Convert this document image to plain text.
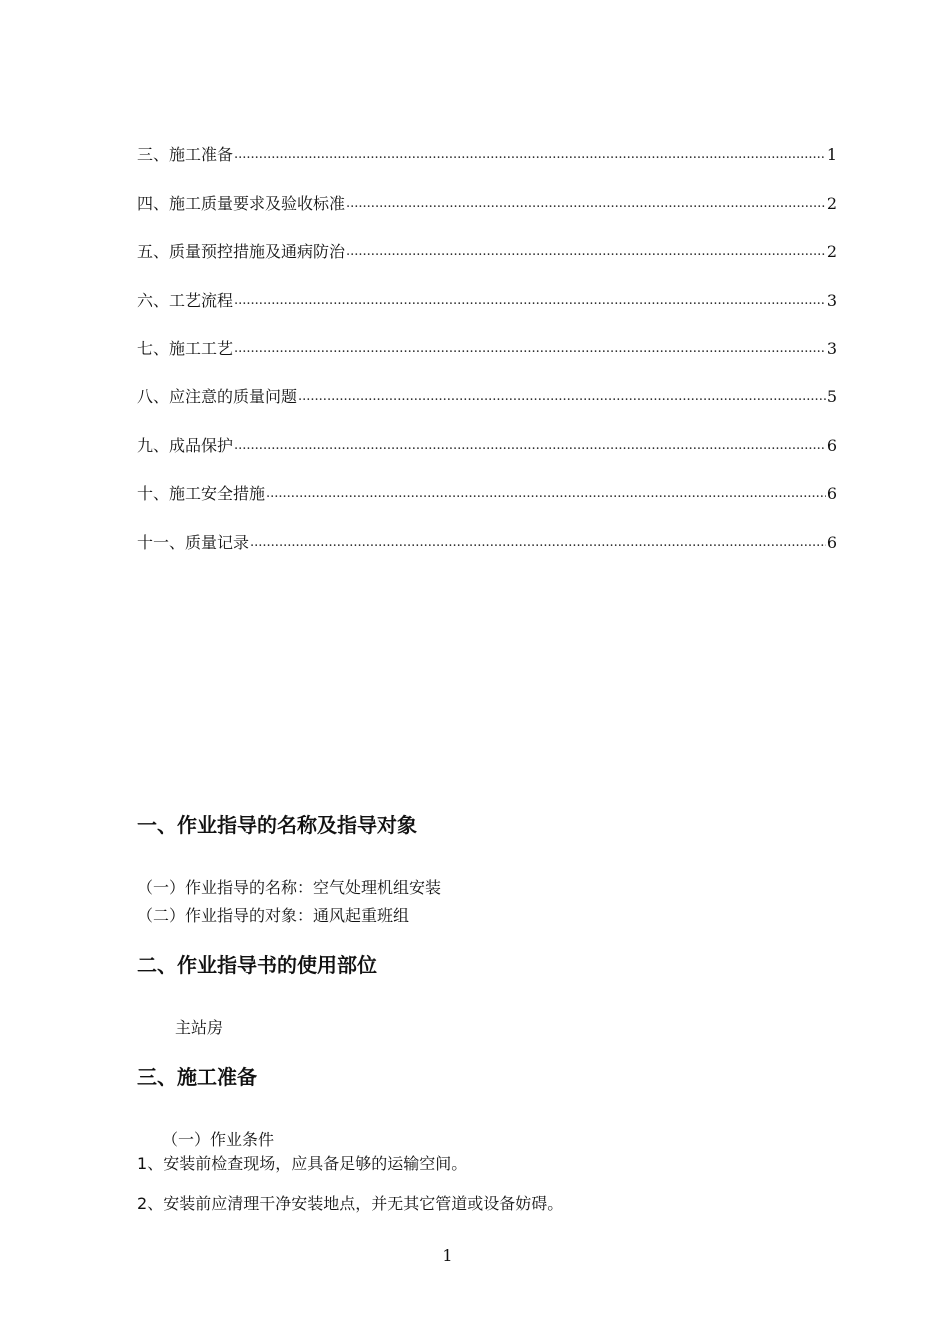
三、施工准备 .....	1
四、施工质量要求及验收标准 .....	2
五、质量预控措施及通病防治 .....	2
六、工艺流程 .....	3
七、施工工艺 .....	3
八、应注意的质量问题 .....	5
九、成品保护 .....	6
十、施工安全措施 .....	6
十一、质量记录 .....	6
一、作业指导的名称及指导对象
（一）作业指导的名称：空气处理机组安装
（二）作业指导的对象：通风起重班组
二、作业指导书的使用部位
主站房
三、施工准备
（一）作业条件
1、安装前检查现场，应具备足够的运输空间。
2、安装前应清理干净安装地点，并无其它管道或设备妨碍。
1
